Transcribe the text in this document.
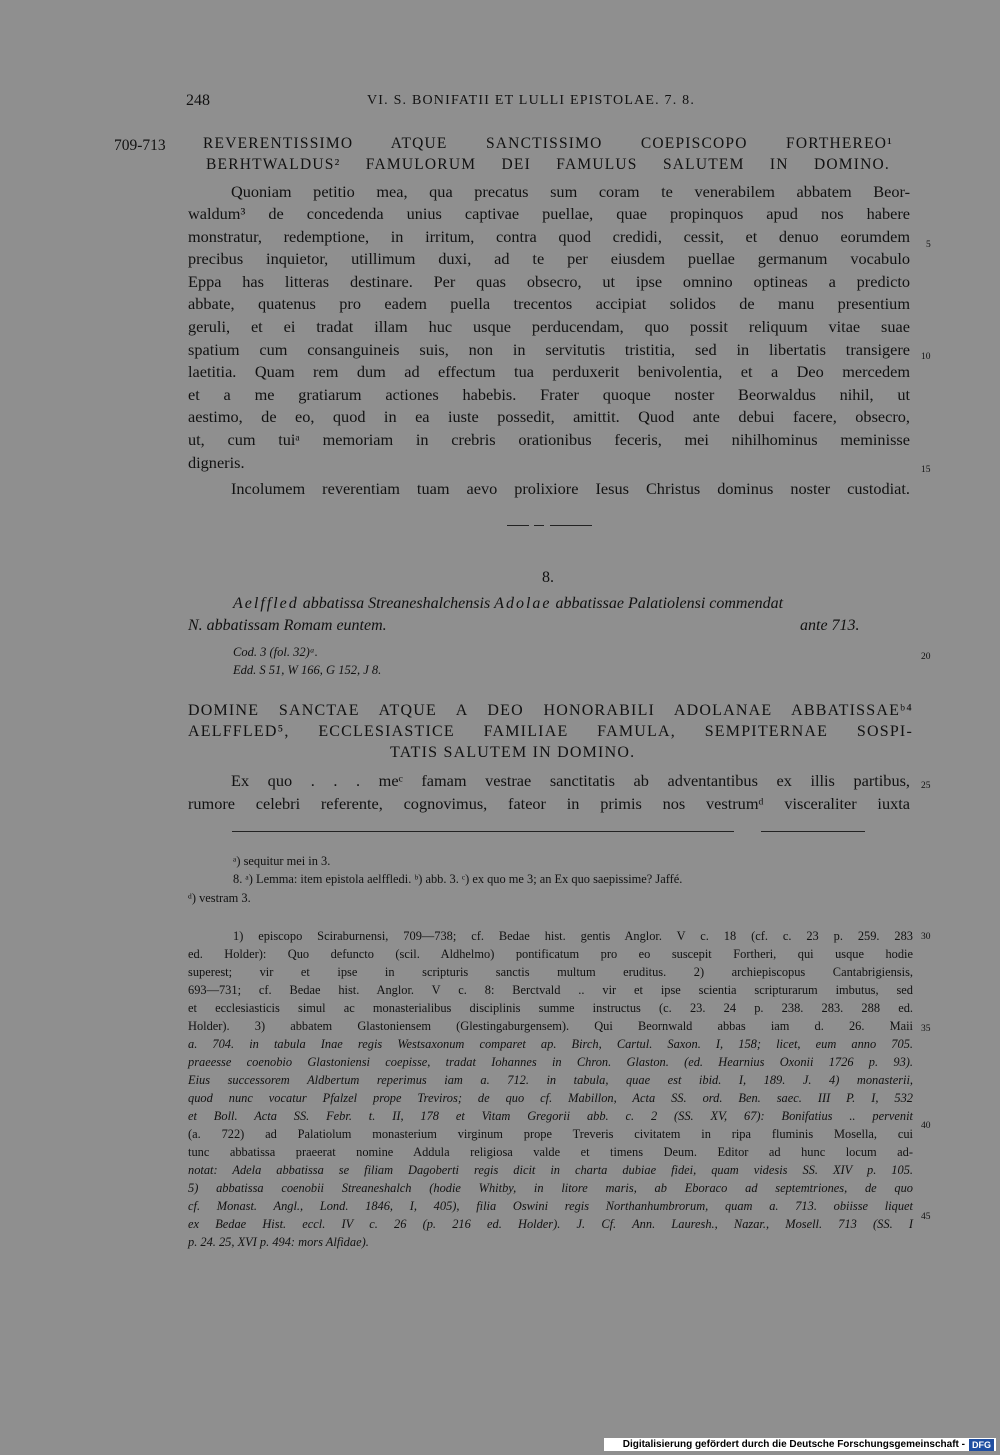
248	VI. S. BONIFATII ET LULLI EPISTOLAE. 7. 8.
709-713 REVERENTISSIMO ATQUE SANCTISSIMO COEPISCOPO FORTHEREO¹
BERHTWALDUS² FAMULORUM DEI FAMULUS SALUTEM IN DOMINO.
Quoniam petitio mea, qua precatus sum coram te venerabilem abbatem Beor-
waldum³ de concedenda unius captivae puellae, quae propinquos apud nos habere
monstratur, redemptione, in irritum, contra quod credidi, cessit, et denuo eorumdem
precibus inquietor, utillimum duxi, ad te per eiusdem puellae germanum vocabulo
Eppa has litteras destinare. Per quas obsecro, ut ipse omnino optineas a predicto
abbate, quatenus pro eadem puella trecentos accipiat solidos de manu presentium
geruli, et ei tradat illam huc usque perducendam, quo possit reliquum vitae suae
spatium cum consanguineis suis, non in servitutis tristitia, sed in libertatis transigere
laetitia. Quam rem dum ad effectum tua perduxerit benivolentia, et a Deo mercedem
et a me gratiarum actiones habebis. Frater quoque noster Beorwaldus nihil, ut
aestimo, de eo, quod in ea iuste possedit, amittit. Quod ante debui facere, obsecro,
ut, cum tuiᵃ memoriam in crebris orationibus feceris, mei nihilhominus meminisse
digneris.
Incolumem reverentiam tuam aevo prolixiore Iesus Christus dominus noster custodiat.
8.
Aelffled abbatissa Streaneshalchensis Adolae abbatissae Palatiolensi commendat
N. abbatissam Romam euntem.	ante 713.
Cod. 3 (fol. 32)ᵃ.
Edd. S 51, W 166, G 152, J 8.
DOMINE SANCTAE ATQUE A DEO HONORABILI ADOLANAE ABBATISSAEᵇ⁴
AELFFLED⁵, ECCLESIASTICE FAMILIAE FAMULA, SEMPITERNAE SOSPI-
TATIS SALUTEM IN DOMINO.
Ex quo . . . meᶜ famam vestrae sanctitatis ab adventantibus ex illis partibus,
rumore celebri referente, cognovimus, fateor in primis nos vestrumᵈ visceraliter iuxta
ᵃ) sequitur mei in 3.
8. ᵃ) Lemma: item epistola aelffledi. ᵇ) abb. 3. ᶜ) ex quo me 3; an Ex quo saepissime? Jaffé.
ᵈ) vestram 3.
1) episcopo Sciraburnensi, 709—738; cf. Bedae hist. gentis Anglor. V c. 18 (cf. c. 23 p. 259. 283
ed. Holder): Quo defuncto (scil. Aldhelmo) pontificatum pro eo suscepit Fortheri, qui usque hodie
superest; vir et ipse in scripturis sanctis multum eruditus. 2) archiepiscopus Cantabrigiensis,
693—731; cf. Bedae hist. Anglor. V c. 8: Berctvald .. vir et ipse scientia scripturarum imbutus, sed
et ecclesiasticis simul ac monasterialibus disciplinis summe instructus (c. 23. 24 p. 238. 283. 288 ed.
Holder). 3) abbatem Glastoniensem (Glestingaburgensem). Qui Beornwald abbas iam d. 26. Maii
a. 704. in tabula Inae regis Westsaxonum comparet ap. Birch, Cartul. Saxon. I, 158; licet, eum anno 705.
praeesse coenobio Glastoniensi coepisse, tradat Iohannes in Chron. Glaston. (ed. Hearnius Oxonii 1726 p. 93).
Eius successorem Aldbertum reperimus iam a. 712. in tabula, quae est ibid. I, 189. J. 4) monasterii,
quod nunc vocatur Pfalzel prope Treviros; de quo cf. Mabillon, Acta SS. ord. Ben. saec. III P. I, 532
et Boll. Acta SS. Febr. t. II, 178 et Vitam Gregorii abb. c. 2 (SS. XV, 67): Bonifatius .. pervenit
(a. 722) ad Palatiolum monasterium virginum prope Treveris civitatem in ripa fluminis Mosella, cui
tunc abbatissa praeerat nomine Addula religiosa valde et timens Deum. Editor ad hunc locum ad-
notat: Adela abbatissa se filiam Dagoberti regis dicit in charta dubiae fidei, quam videsis SS. XIV p. 105.
5) abbatissa coenobii Streaneshalch (hodie Whitby, in litore maris, ab Eboraco ad septemtriones, de quo
cf. Monast. Angl., Lond. 1846, I, 405), filia Oswini regis Northanhumbrorum, quam a. 713. obiisse liquet
ex Bedae Hist. eccl. IV c. 26 (p. 216 ed. Holder). J. Cf. Ann. Lauresh., Nazar., Mosell. 713 (SS. I
p. 24. 25, XVI p. 494: mors Alfidae).
5
10
15
20
25
30
35
40
45
Digitalisierung gefördert durch die Deutsche Forschungsgemeinschaft - DFG
